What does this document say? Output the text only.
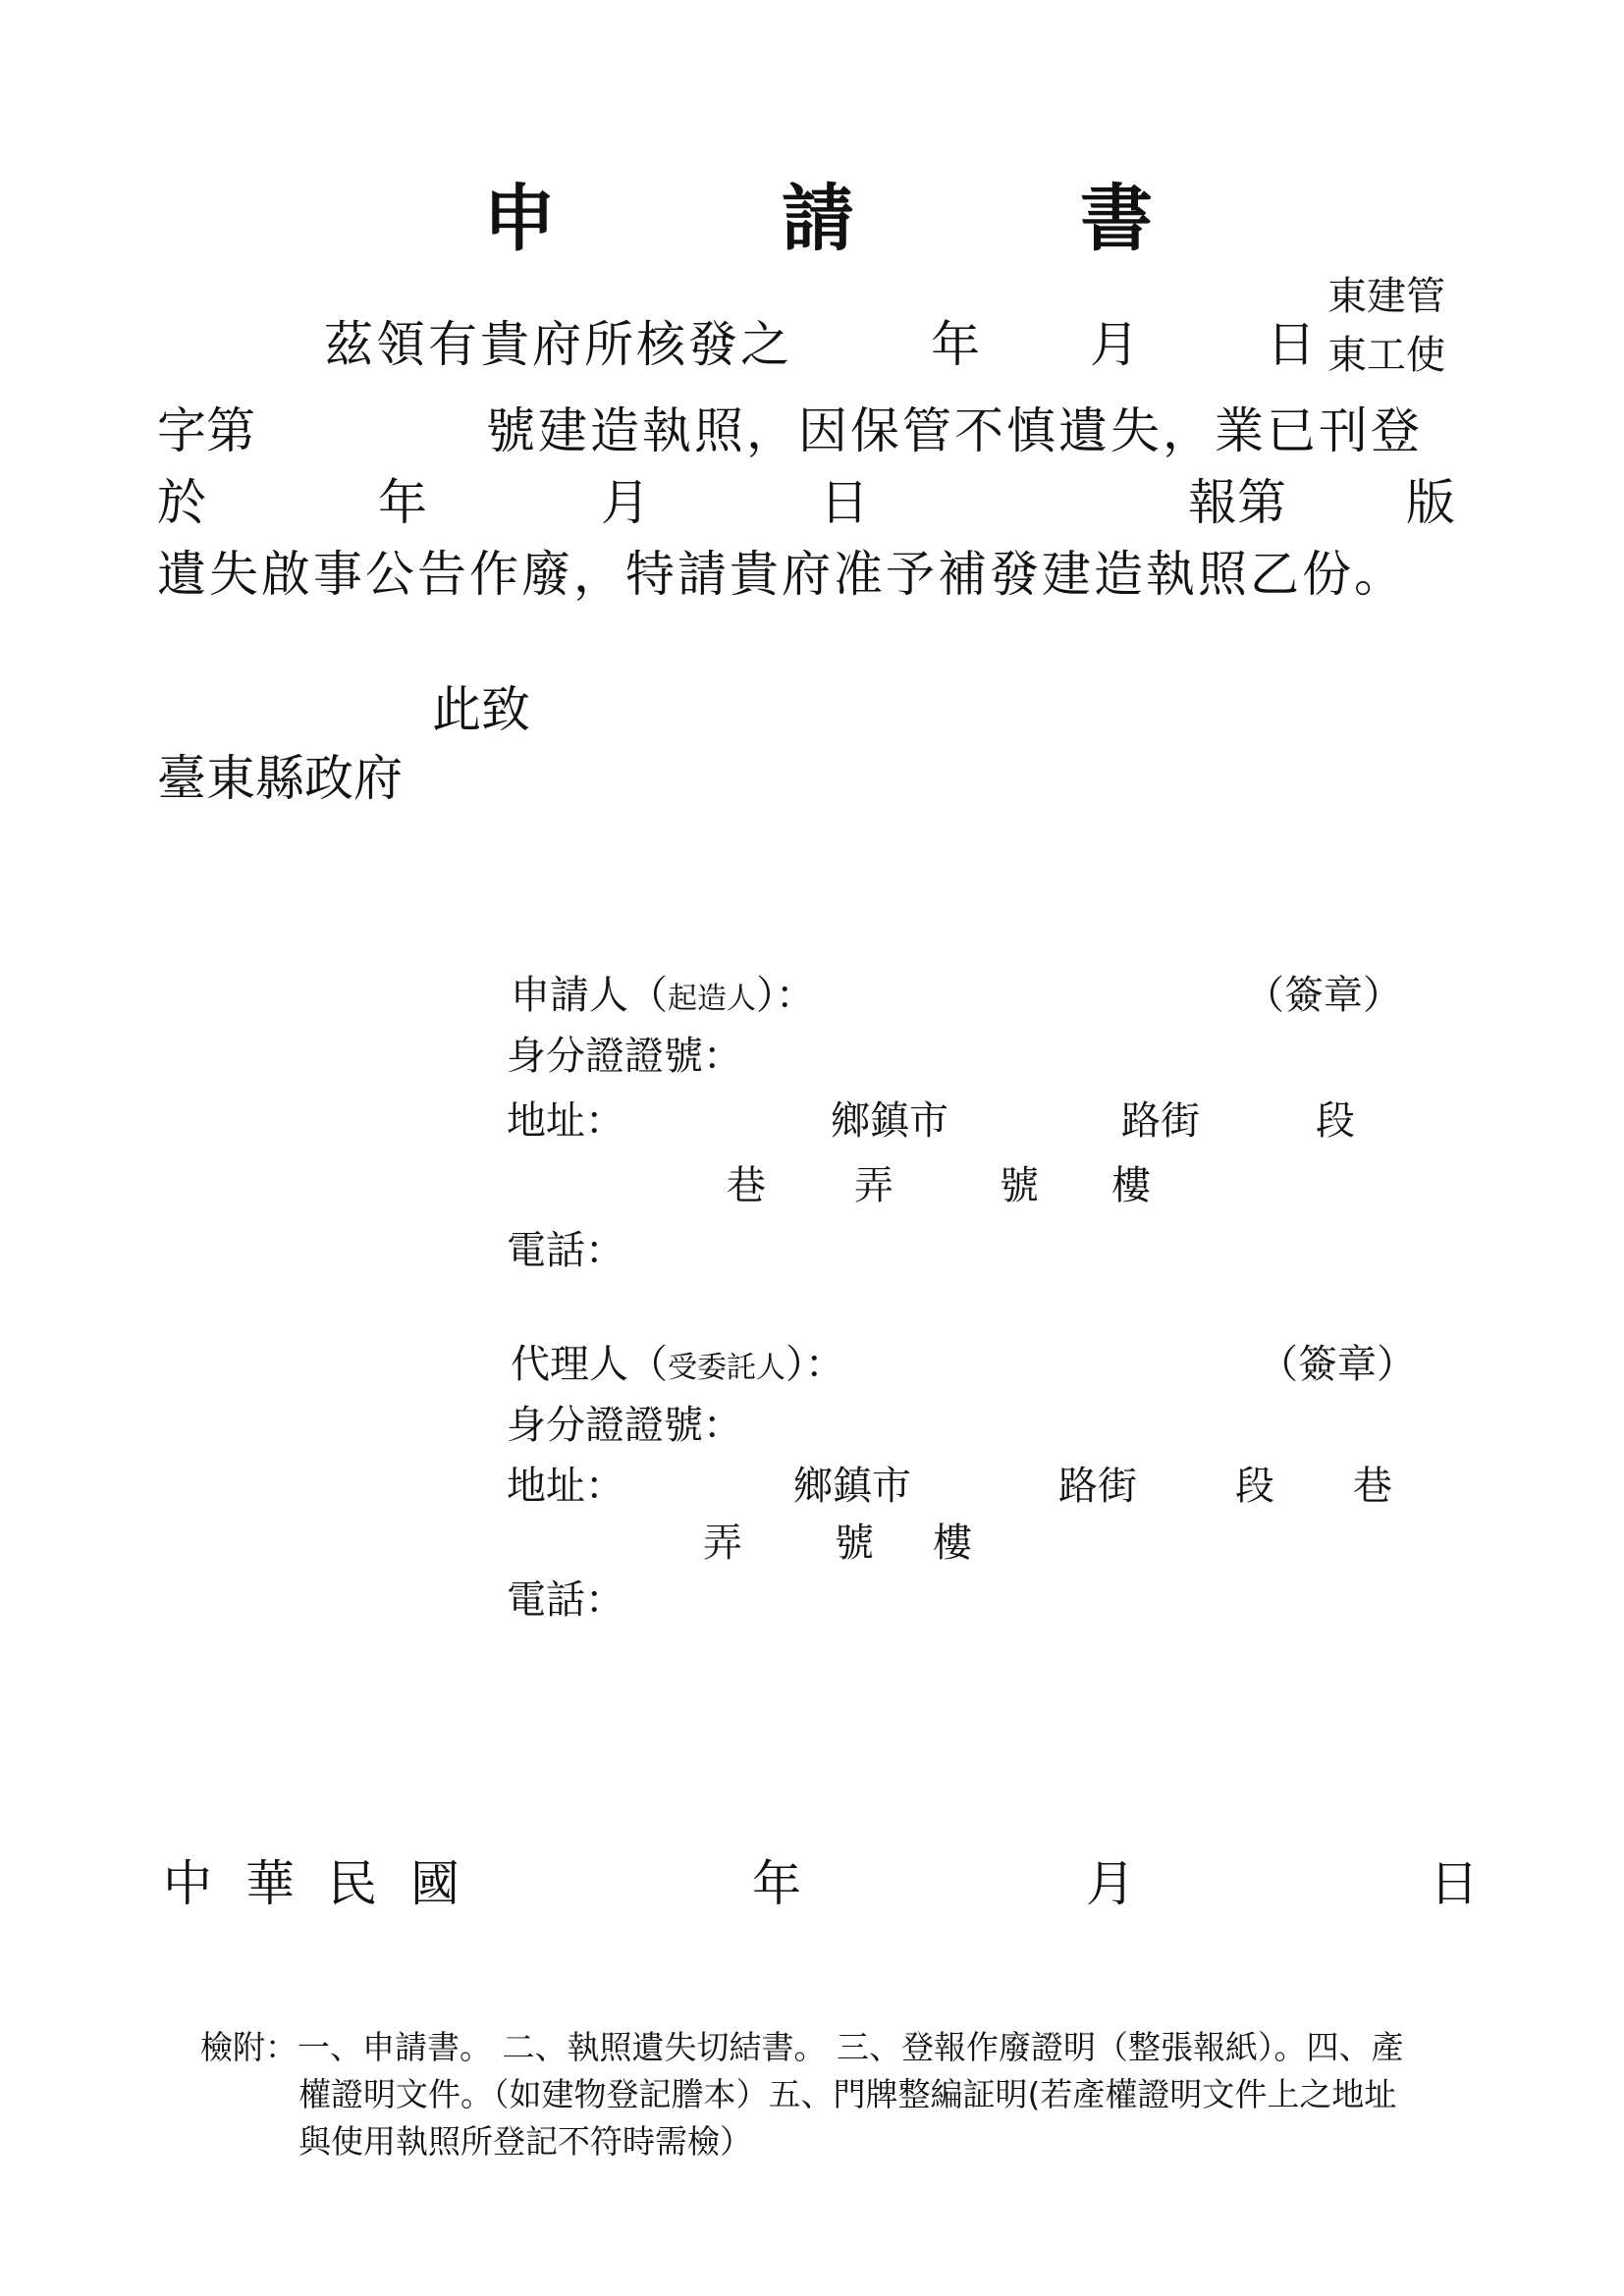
申	請	書
茲領有貴府所核發之	年 月	日
東建管
東工使
字第	號建造執照，因保管不慎遺失，業已刊登
於	年	月	日	報第 版
遺失啟事公告作廢，特請貴府准予補發建造執照乙份。
此致
臺東縣政府
申請人（起造人）：	（簽章）
身分證證號：
地址：	鄉鎮市	路街	段
巷 弄	號 樓
電話：
代理人（受委託人）：	（簽章）
身分證證號：
地址：	鄉鎮市	路街	段 巷
弄 號 樓
電話：
中 華 民 國	年	月	日
檢附：一、申請書。 二、執照遺失切結書。 三、登報作廢證明（整張報紙）。四、產
權證明文件。（如建物登記謄本）五、門牌整編証明(若產權證明文件上之地址
與使用執照所登記不符時需檢）
